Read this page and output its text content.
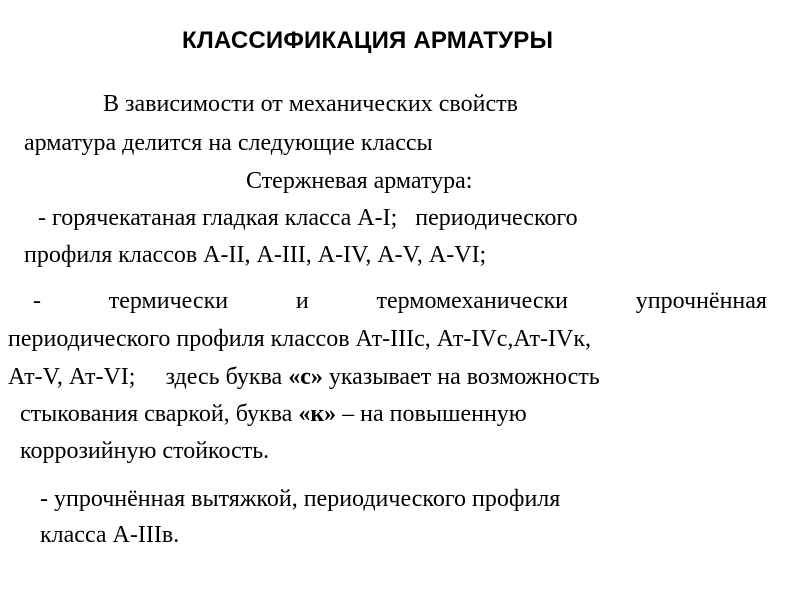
КЛАССИФИКАЦИЯ АРМАТУРЫ
В зависимости от механических свойств
арматура делится на следующие классы
Стержневая арматура:
- горячекатаная гладкая класса А-I;   периодического
профиля классов А-II, А-III, А-IV, А-V, А-VI;
-	термически	и	термомеханически	упрочнённая
периодического профиля классов Ат-IIIc, Ат-IVc,Ат-IVк,
Ат-V, Ат-VI;     здесь буква «с» указывает на возможность
стыкования сваркой, буква «к» – на повышенную
коррозийную стойкость.
- упрочнённая вытяжкой, периодического профиля
класса А-IIIв.
